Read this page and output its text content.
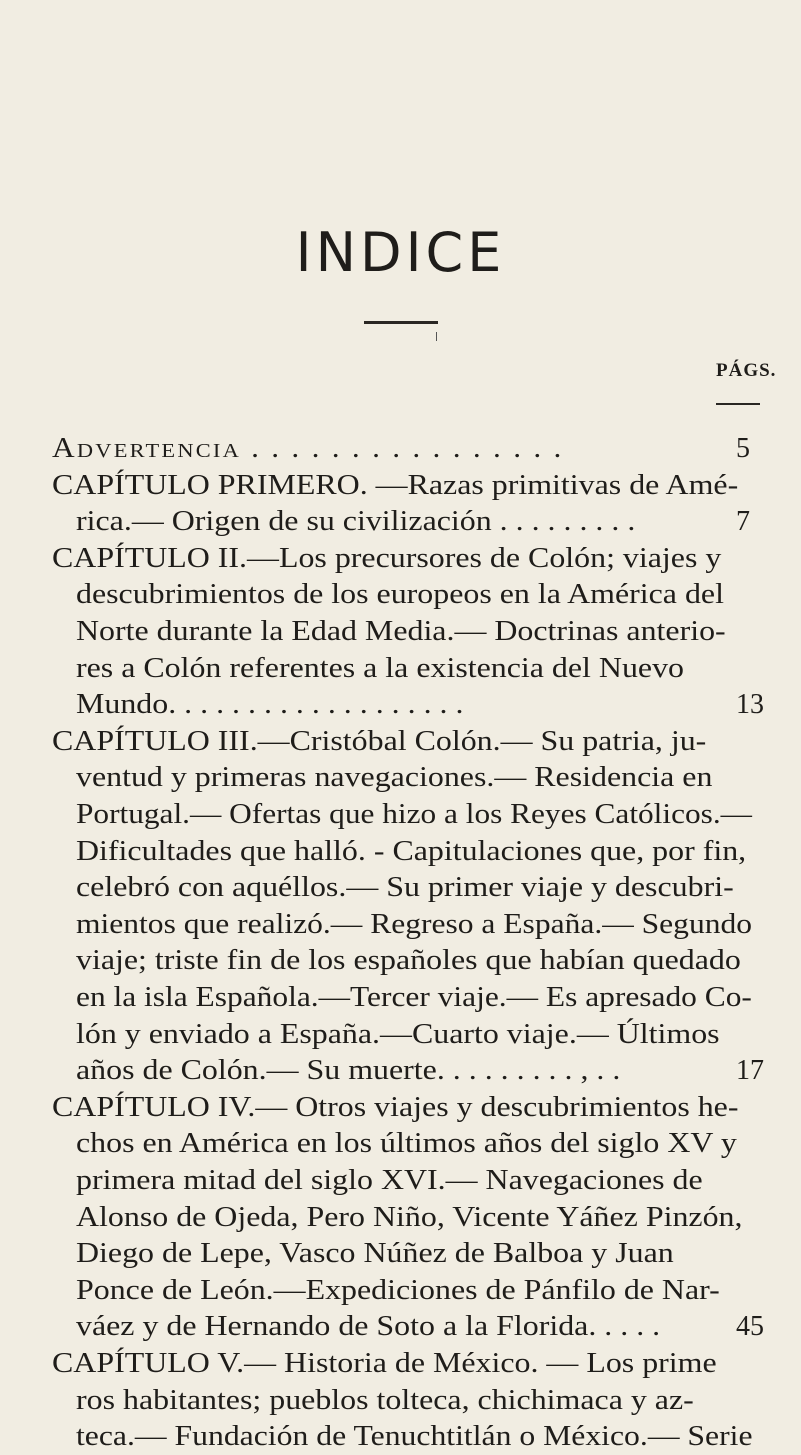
INDICE
PÁGS.
Advertencia . . . . . . . . . . . . . . . .	5
CAPÍTULO PRIMERO. —Razas primitivas de Amé-
rica.— Origen de su civilización . . . . . . . . .	7
CAPÍTULO II.—Los precursores de Colón; viajes y
descubrimientos de los europeos en la América del
Norte durante la Edad Media.— Doctrinas anterio-
res a Colón referentes a la existencia del Nuevo
Mundo. . . . . . . . . . . . . . . . . . .	13
CAPÍTULO III.—Cristóbal Colón.— Su patria, ju-
ventud y primeras navegaciones.— Residencia en
Portugal.— Ofertas que hizo a los Reyes Católicos.—
Dificultades que halló. - Capitulaciones que, por fin,
celebró con aquéllos.— Su primer viaje y descubri-
mientos que realizó.— Regreso a España.— Segundo
viaje; triste fin de los españoles que habían quedado
en la isla Española.—Tercer viaje.— Es apresado Co-
lón y enviado a España.—Cuarto viaje.— Últimos
años de Colón.— Su muerte. . . . . . . . . , . .	17
CAPÍTULO IV.— Otros viajes y descubrimientos he-
chos en América en los últimos años del siglo XV y
primera mitad del siglo XVI.— Navegaciones de
Alonso de Ojeda, Pero Niño, Vicente Yáñez Pinzón,
Diego de Lepe, Vasco Núñez de Balboa y Juan
Ponce de León.—Expediciones de Pánfilo de Nar-
váez y de Hernando de Soto a la Florida. . . . .	45
CAPÍTULO V.— Historia de México. — Los prime
ros habitantes; pueblos tolteca, chichimaca y az-
teca.— Fundación de Tenuchtitlán o México.— Serie
